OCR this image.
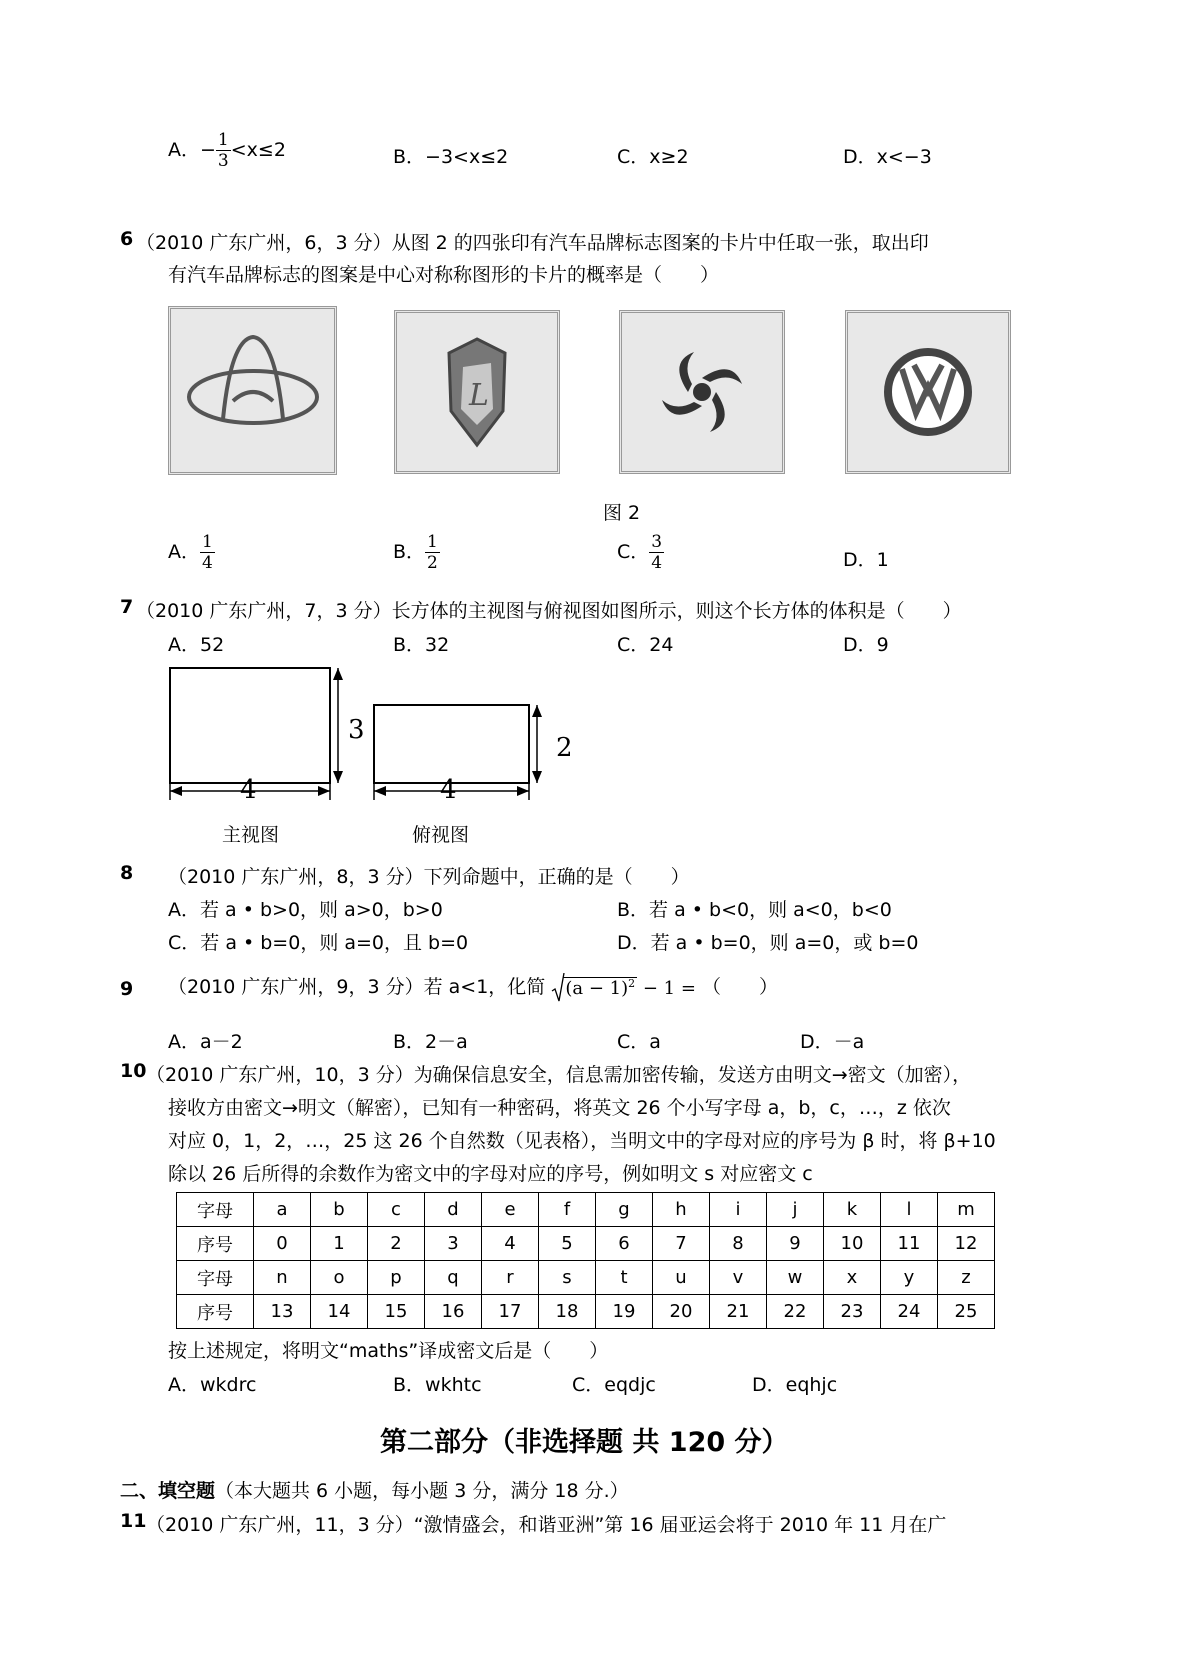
A．− $\frac{1}{3} <x\le 2$	B．−3<x≤2	C．x≥2	D．x<−3
6 （2010 广东广州，6，3 分）从图 2 的四张印有汽车品牌标志图案的卡片中任取一张，取出印
有汽车品牌标志的图案是中心对称称图形的卡片的概率是（　　）
L
图 2
A． $\frac{1}{4}$	B． $\frac{1}{2}$	C． $\frac{3}{4}$	D．1
7 （2010 广东广州，7，3 分）长方体的主视图与俯视图如图所示，则这个长方体的体积是（　　）
A．52	B．32	C．24	D．9
3
4
2
4
主视图	俯视图
8 （2010 广东广州，8，3 分）下列命题中，正确的是（　　）
A．若 a • b>0，则 a>0，b>0	B．若 a • b<0，则 a<0，b<0
C．若 a • b=0，则 a=0，且 b=0	D．若 a • b=0，则 a=0，或 b=0
9 （2010 广东广州，9，3 分）若 a<1，化简 $(a - 1)^2 - 1$ = （　　）
A．a－2	B．2－a	C．a	D．－a
10 （2010 广东广州，10，3 分）为确保信息安全，信息需加密传输，发送方由明文→密文（加密），
接收方由密文→明文（解密），已知有一种密码，将英文 26 个小写字母 a，b，c，…，z 依次
对应 0，1，2，…，25 这 26 个自然数（见表格），当明文中的字母对应的序号为 β 时，将 β+10
除以 26 后所得的余数作为密文中的字母对应的序号，例如明文 s 对应密文 c
字母	a	b	c	d	e	f	g	h	i	j	k	l	m
序号	0	1	2	3	4	5	6	7	8	9	10	11	12
字母	n	o	p	q	r	s	t	u	v	w	x	y	z
序号	13	14	15	16	17	18	19	20	21	22	23	24	25
按上述规定，将明文“maths”译成密文后是（　　）
A．wkdrc	B．wkhtc	C．eqdjc	D．eqhjc
第二部分（非选择题 共 120 分）
二、填空题（本大题共 6 小题，每小题 3 分，满分 18 分.）
11 （2010 广东广州，11，3 分）“激情盛会，和谐亚洲”第 16 届亚运会将于 2010 年 11 月在广
